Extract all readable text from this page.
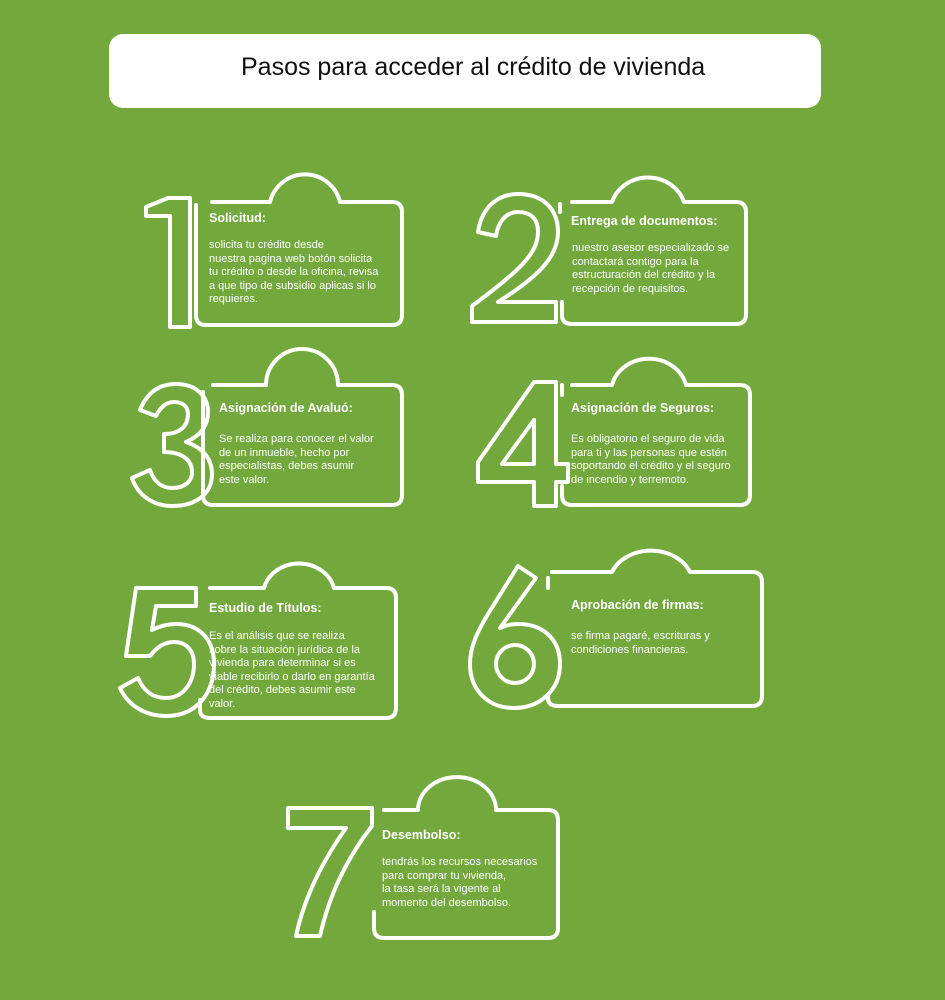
Pasos para acceder al crédito de vivienda
Solicitud:
solicita tu crédito desde
nuestra pagina web botón solicita
tu crédito o desde la oficina, revisa
a que tipo de subsidio aplicas si lo
requieres.
Entrega de documentos:
nuestro asesor especializado se
contactará contigo para la
estructuración del crédito y la
recepción de requisitos.
Asignación de Avaluó:
Se realiza para conocer el valor
de un inmueble, hecho por
especialistas, debes asumir
este valor.
Asignación de Seguros:
Es obligatorio el seguro de vida
para ti y las personas que estén
soportando el crédito y el seguro
de incendio y terremoto.
Estudio de Títulos:
Es el análisis que se realiza
sobre la situación jurídica de la
vivienda para determinar si es
viable recibirlo o darlo en garantía
del crédito, debes asumir este
valor.
Aprobación de firmas:
se firma pagaré, escrituras y
condiciones financieras.
Desembolso:
tendrás los recursos necesarios
para comprar tu vivienda,
la tasa será la vigente al
momento del desembolso.
